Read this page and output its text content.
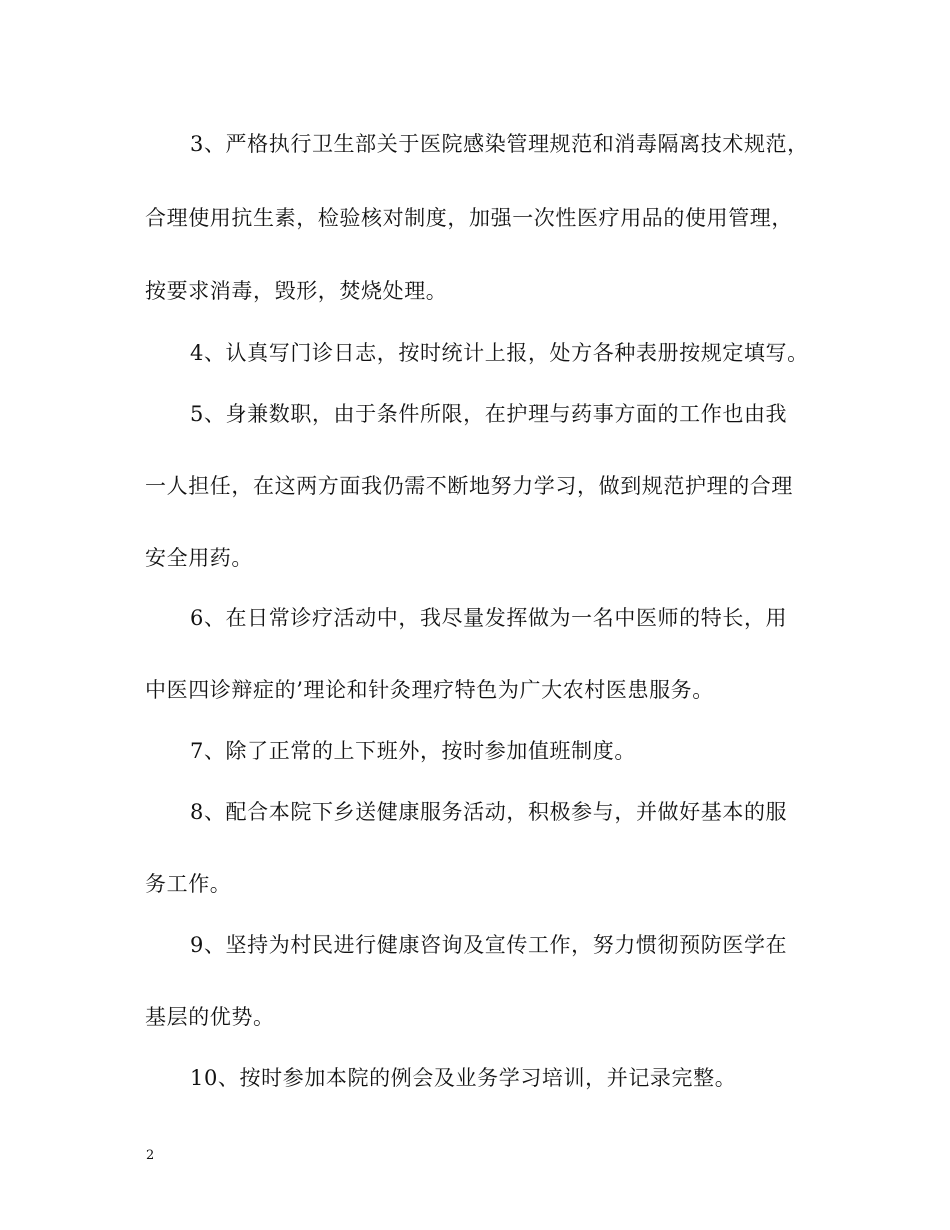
3、严格执行卫生部关于医院感染管理规范和消毒隔离技术规范，
合理使用抗生素，检验核对制度，加强一次性医疗用品的使用管理，
按要求消毒，毁形，焚烧处理。
4、认真写门诊日志，按时统计上报，处方各种表册按规定填写。
5、身兼数职，由于条件所限，在护理与药事方面的工作也由我
一人担任，在这两方面我仍需不断地努力学习，做到规范护理的合理
安全用药。
6、在日常诊疗活动中，我尽量发挥做为一名中医师的特长，用
中医四诊辩症的’理论和针灸理疗特色为广大农村医患服务。
7、除了正常的上下班外，按时参加值班制度。
8、配合本院下乡送健康服务活动，积极参与，并做好基本的服
务工作。
9、坚持为村民进行健康咨询及宣传工作，努力惯彻预防医学在
基层的优势。
10、按时参加本院的例会及业务学习培训，并记录完整。
2
